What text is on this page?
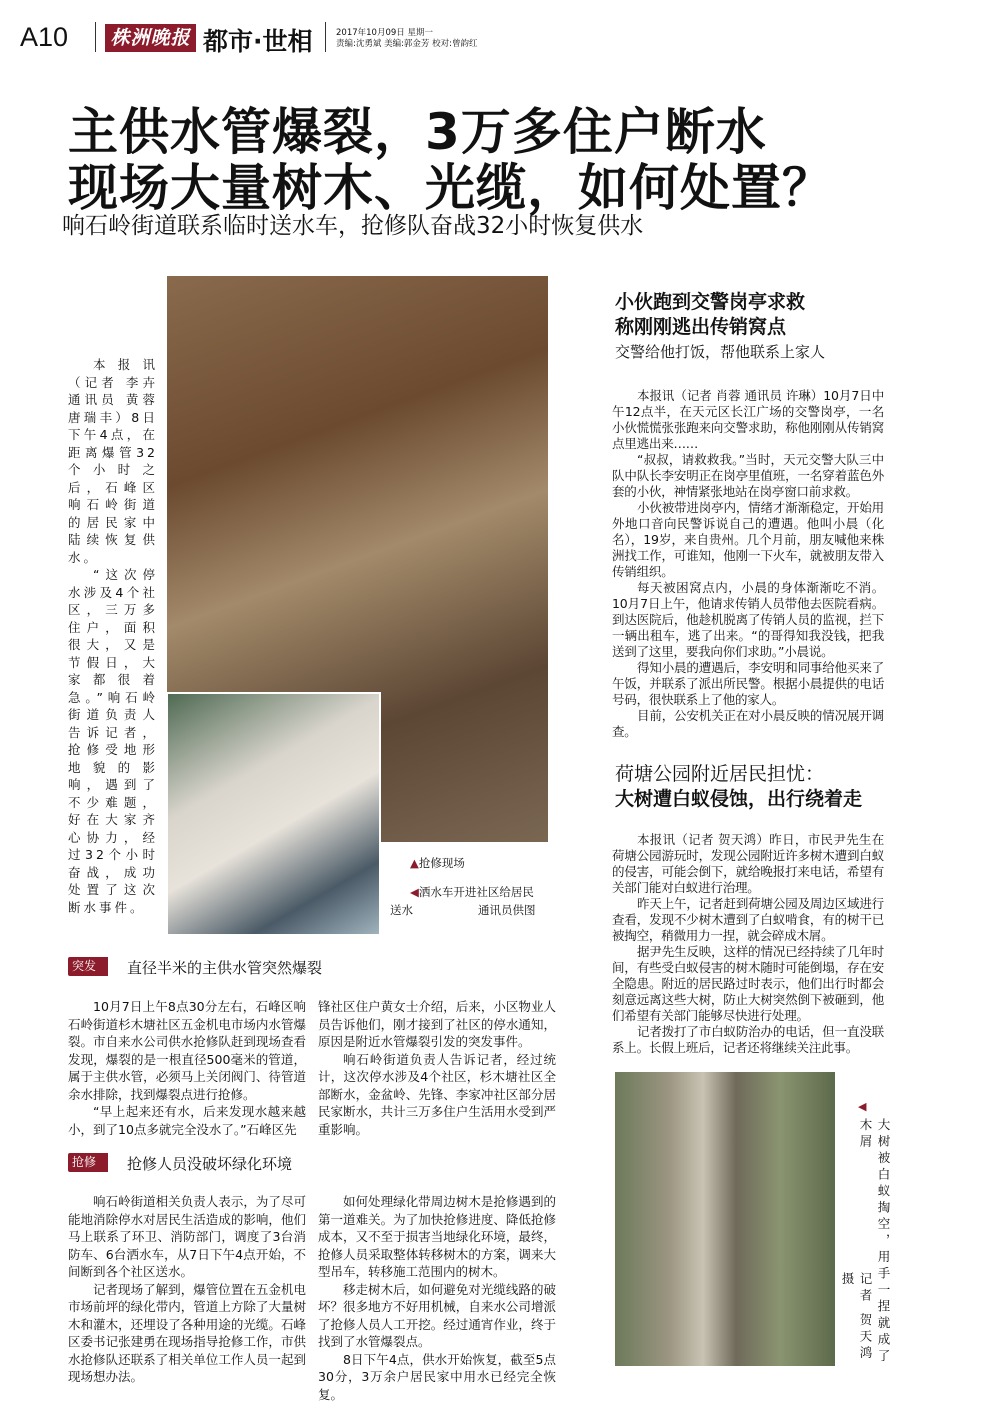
A10 株洲晚报 都市·世相	2017年10月09日 星期一
责编:沈勇斌 美编:郭金芳 校对:曾韵红
主供水管爆裂，3万多住户断水
现场大量树木、光缆，如何处置？
响石岭街道联系临时送水车，抢修队奋战32小时恢复供水

本报讯（记者 李卉 通讯员 黄蓉 唐瑞丰）8日下午4点，在距离爆管32个小时之后，石峰区响石岭街道的居民家中陆续恢复供水。

“这次停水涉及4个社区，三万多住户，面积很大，又是节假日，大家都很着急。”响石岭街道负责人告诉记者，抢修受地形地貌的影响，遇到了不少难题，好在大家齐心协力，经过32个小时奋战，成功处置了这次断水事件。

▲抢修现场
◀洒水车开进社区给居民
送水	通讯员供图
小伙跑到交警岗亭求救
称刚刚逃出传销窝点
交警给他打饭，帮他联系上家人

本报讯（记者 肖蓉 通讯员 许琳）10月7日中午12点半，在天元区长江广场的交警岗亭，一名小伙慌慌张张跑来向交警求助，称他刚刚从传销窝点里逃出来……

“叔叔，请救救我。”当时，天元交警大队三中队中队长李安明正在岗亭里值班，一名穿着蓝色外套的小伙，神情紧张地站在岗亭窗口前求救。

小伙被带进岗亭内，情绪才渐渐稳定，开始用外地口音向民警诉说自己的遭遇。他叫小晨（化名），19岁，来自贵州。几个月前，朋友喊他来株洲找工作，可谁知，他刚一下火车，就被朋友带入传销组织。

每天被困窝点内，小晨的身体渐渐吃不消。10月7日上午，他请求传销人员带他去医院看病。到达医院后，他趁机脱离了传销人员的监视，拦下一辆出租车，逃了出来。“的哥得知我没钱，把我送到了这里，要我向你们求助。”小晨说。

得知小晨的遭遇后，李安明和同事给他买来了午饭，并联系了派出所民警。根据小晨提供的电话号码，很快联系上了他的家人。

目前，公安机关正在对小晨反映的情况展开调查。

荷塘公园附近居民担忧：
大树遭白蚁侵蚀，出行绕着走

本报讯（记者 贺天鸿）昨日，市民尹先生在荷塘公园游玩时，发现公园附近许多树木遭到白蚁的侵害，可能会倒下，就给晚报打来电话，希望有关部门能对白蚁进行治理。

昨天上午，记者赶到荷塘公园及周边区域进行查看，发现不少树木遭到了白蚁啃食，有的树干已被掏空，稍微用力一捏，就会碎成木屑。

据尹先生反映，这样的情况已经持续了几年时间，有些受白蚁侵害的树木随时可能倒塌，存在安全隐患。附近的居民路过时表示，他们出行时都会刻意远离这些大树，防止大树突然倒下被砸到，他们希望有关部门能够尽快进行处理。

记者拨打了市白蚁防治办的电话，但一直没联系上。长假上班后，记者还将继续关注此事。

◀
大树被白蚁掏空，用手一捏就成了木屑
记者 贺天鸿 摄
突发	直径半米的主供水管突然爆裂

10月7日上午8点30分左右，石峰区响石岭街道杉木塘社区五金机电市场内水管爆裂。市自来水公司供水抢修队赶到现场查看发现，爆裂的是一根直径500毫米的管道，属于主供水管，必须马上关闭阀门、待管道余水排除，找到爆裂点进行抢修。

“早上起来还有水，后来发现水越来越小，到了10点多就完全没水了。”石峰区先

锋社区住户黄女士介绍，后来，小区物业人员告诉他们，刚才接到了社区的停水通知，原因是附近水管爆裂引发的突发事件。

响石岭街道负责人告诉记者，经过统计，这次停水涉及4个社区，杉木塘社区全部断水，金盆岭、先锋、李家冲社区部分居民家断水，共计三万多住户生活用水受到严重影响。

抢修	抢修人员没破坏绿化环境

响石岭街道相关负责人表示，为了尽可能地消除停水对居民生活造成的影响，他们马上联系了环卫、消防部门，调度了3台消防车、6台洒水车，从7日下午4点开始，不间断到各个社区送水。

记者现场了解到，爆管位置在五金机电市场前坪的绿化带内，管道上方除了大量树木和灌木，还埋设了各种用途的光缆。石峰区委书记张建勇在现场指导抢修工作，市供水抢修队还联系了相关单位工作人员一起到现场想办法。

如何处理绿化带周边树木是抢修遇到的第一道难关。为了加快抢修进度、降低抢修成本，又不至于损害当地绿化环境，最终，抢修人员采取整体转移树木的方案，调来大型吊车，转移施工范围内的树木。

移走树木后，如何避免对光缆线路的破坏？很多地方不好用机械，自来水公司增派了抢修人员人工开挖。经过通宵作业，终于找到了水管爆裂点。

8日下午4点，供水开始恢复，截至5点30分，3万余户居民家中用水已经完全恢复。
